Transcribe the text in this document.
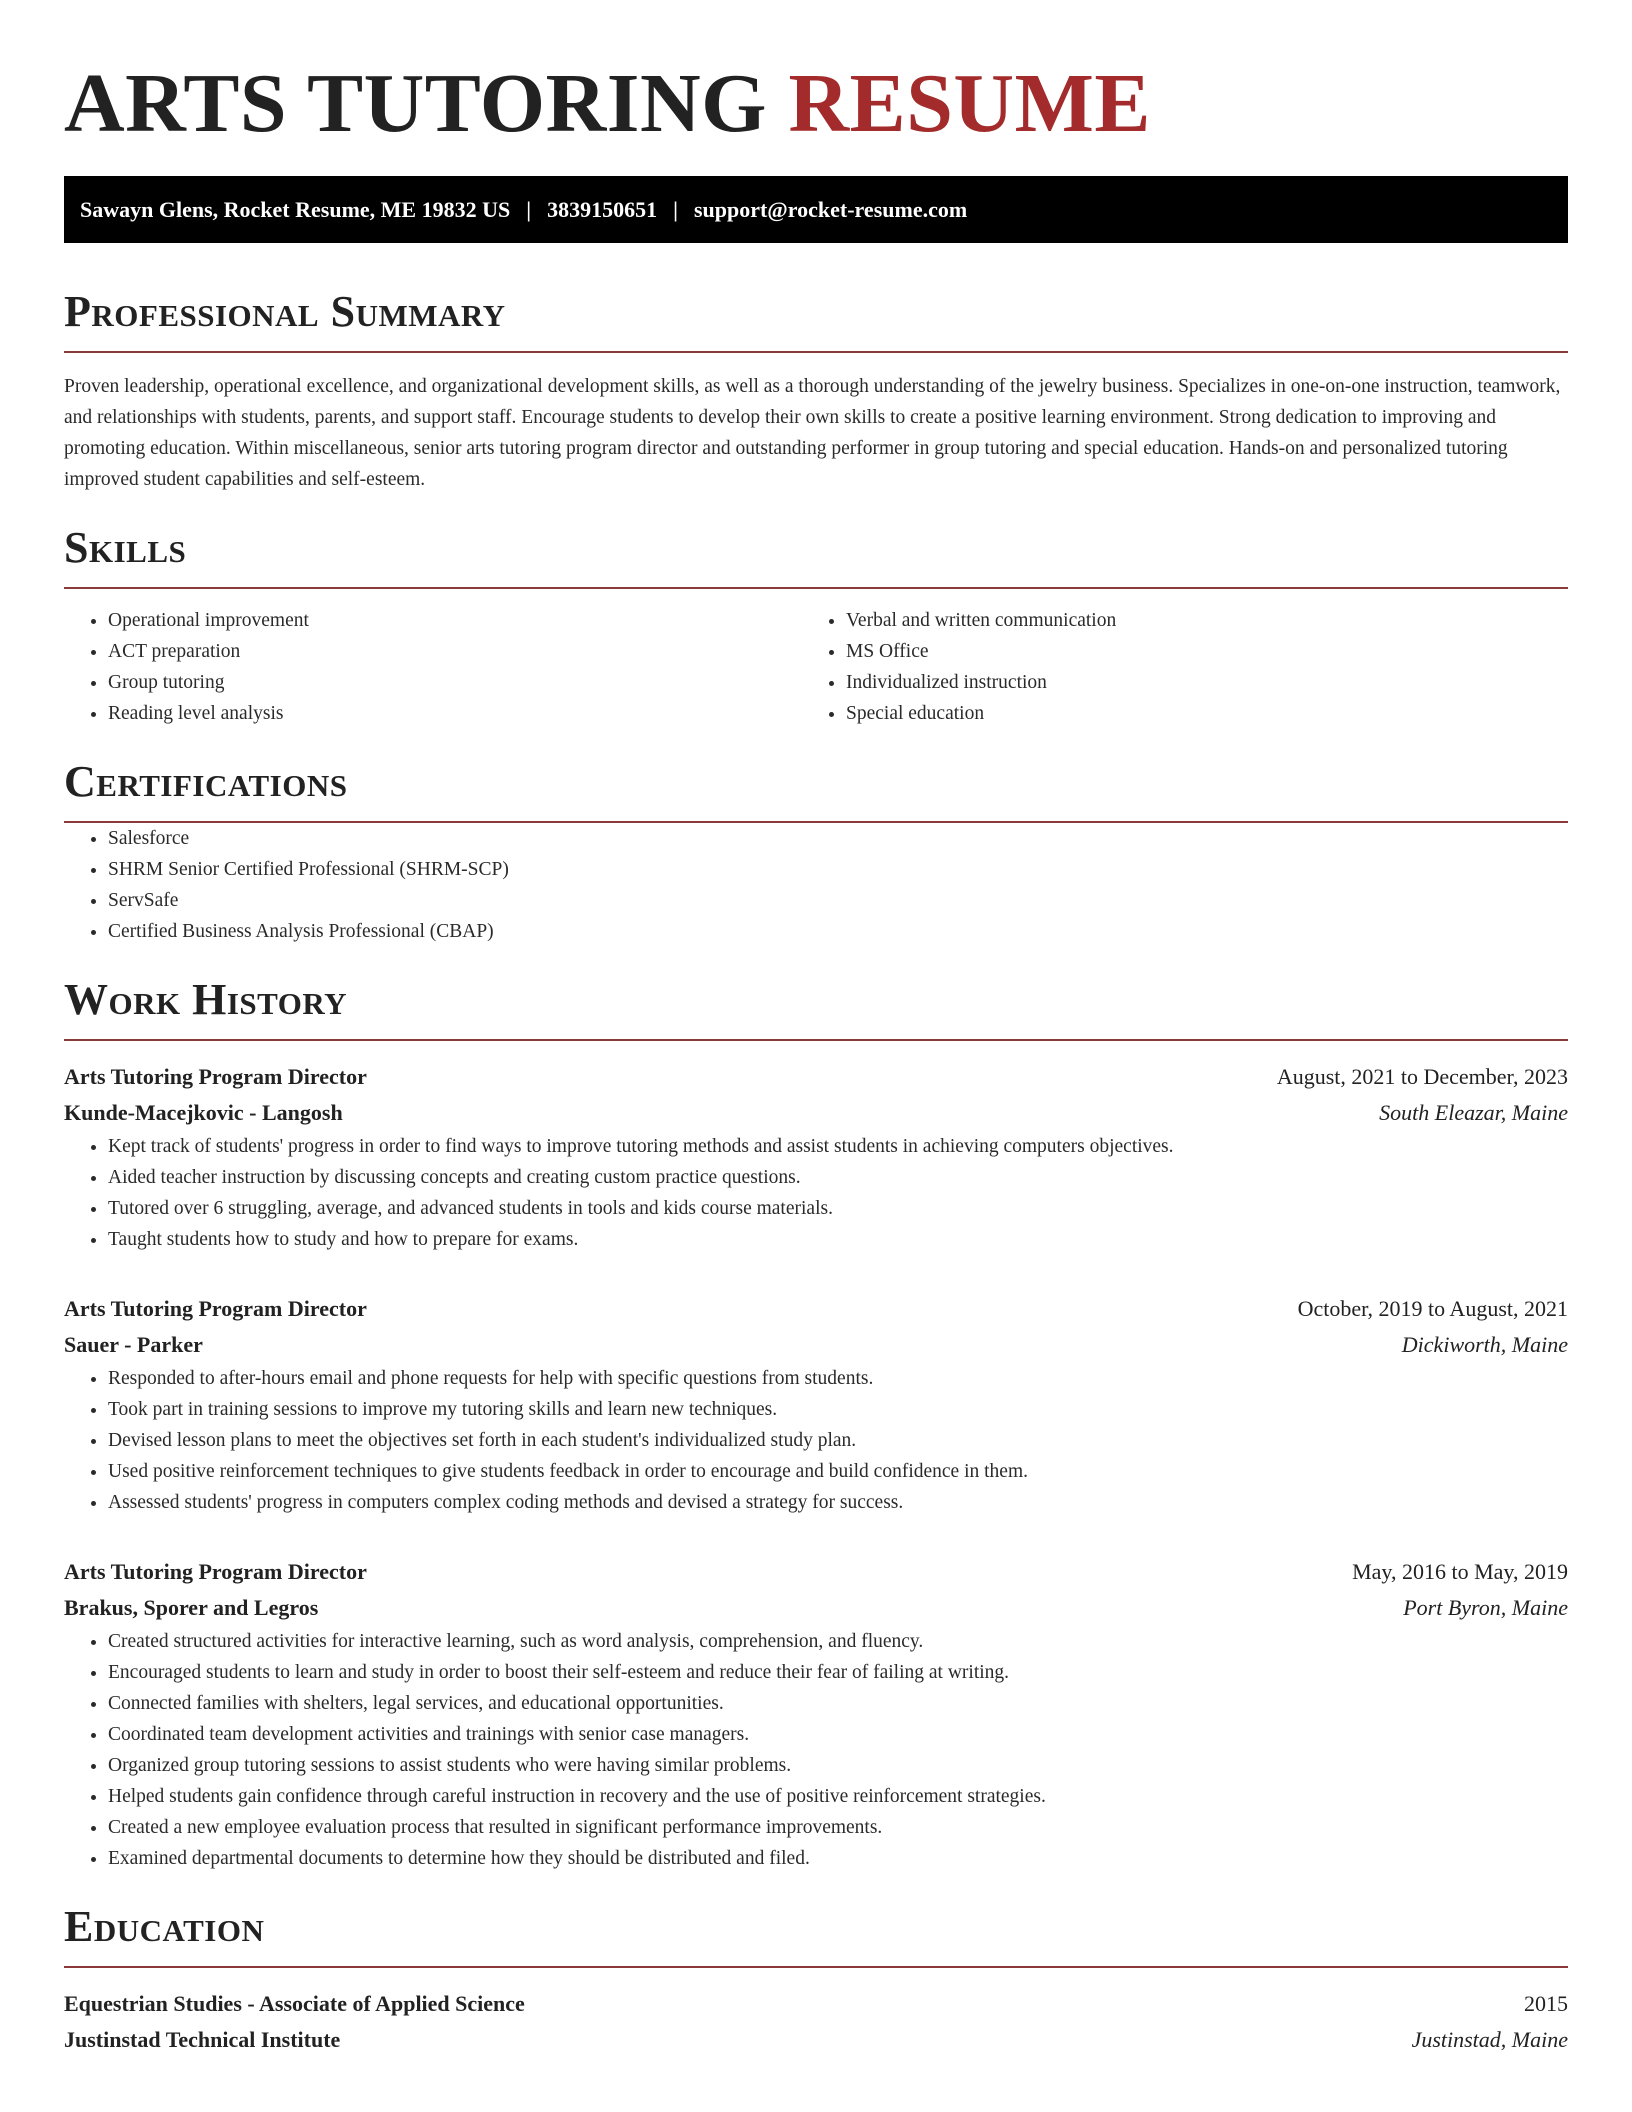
ARTS TUTORING RESUME
Sawayn Glens, Rocket Resume, ME 19832 US | 3839150651 | support@rocket-resume.com
Professional Summary

Proven leadership, operational excellence, and organizational development skills, as well as a thorough understanding of the jewelry business. Specializes in one-on-one instruction, teamwork, and relationships with students, parents, and support staff. Encourage students to develop their own skills to create a positive learning environment. Strong dedication to improving and promoting education. Within miscellaneous, senior arts tutoring program director and outstanding performer in group tutoring and special education. Hands-on and personalized tutoring improved student capabilities and self-esteem.

Skills
• Operational improvement
• ACT preparation
• Group tutoring
• Reading level analysis
• Verbal and written communication
• MS Office
• Individualized instruction
• Special education
Certifications
• Salesforce
• SHRM Senior Certified Professional (SHRM-SCP)
• ServSafe
• Certified Business Analysis Professional (CBAP)
Work History
Arts Tutoring Program Director	August, 2021 to December, 2023
Kunde-Macejkovic - Langosh	South Eleazar, Maine
• Kept track of students' progress in order to find ways to improve tutoring methods and assist students in achieving computers objectives.
• Aided teacher instruction by discussing concepts and creating custom practice questions.
• Tutored over 6 struggling, average, and advanced students in tools and kids course materials.
• Taught students how to study and how to prepare for exams.
Arts Tutoring Program Director	October, 2019 to August, 2021
Sauer - Parker	Dickiworth, Maine
• Responded to after-hours email and phone requests for help with specific questions from students.
• Took part in training sessions to improve my tutoring skills and learn new techniques.
• Devised lesson plans to meet the objectives set forth in each student's individualized study plan.
• Used positive reinforcement techniques to give students feedback in order to encourage and build confidence in them.
• Assessed students' progress in computers complex coding methods and devised a strategy for success.
Arts Tutoring Program Director	May, 2016 to May, 2019
Brakus, Sporer and Legros	Port Byron, Maine
• Created structured activities for interactive learning, such as word analysis, comprehension, and fluency.
• Encouraged students to learn and study in order to boost their self-esteem and reduce their fear of failing at writing.
• Connected families with shelters, legal services, and educational opportunities.
• Coordinated team development activities and trainings with senior case managers.
• Organized group tutoring sessions to assist students who were having similar problems.
• Helped students gain confidence through careful instruction in recovery and the use of positive reinforcement strategies.
• Created a new employee evaluation process that resulted in significant performance improvements.
• Examined departmental documents to determine how they should be distributed and filed.
Education
Equestrian Studies - Associate of Applied Science	2015
Justinstad Technical Institute	Justinstad, Maine
